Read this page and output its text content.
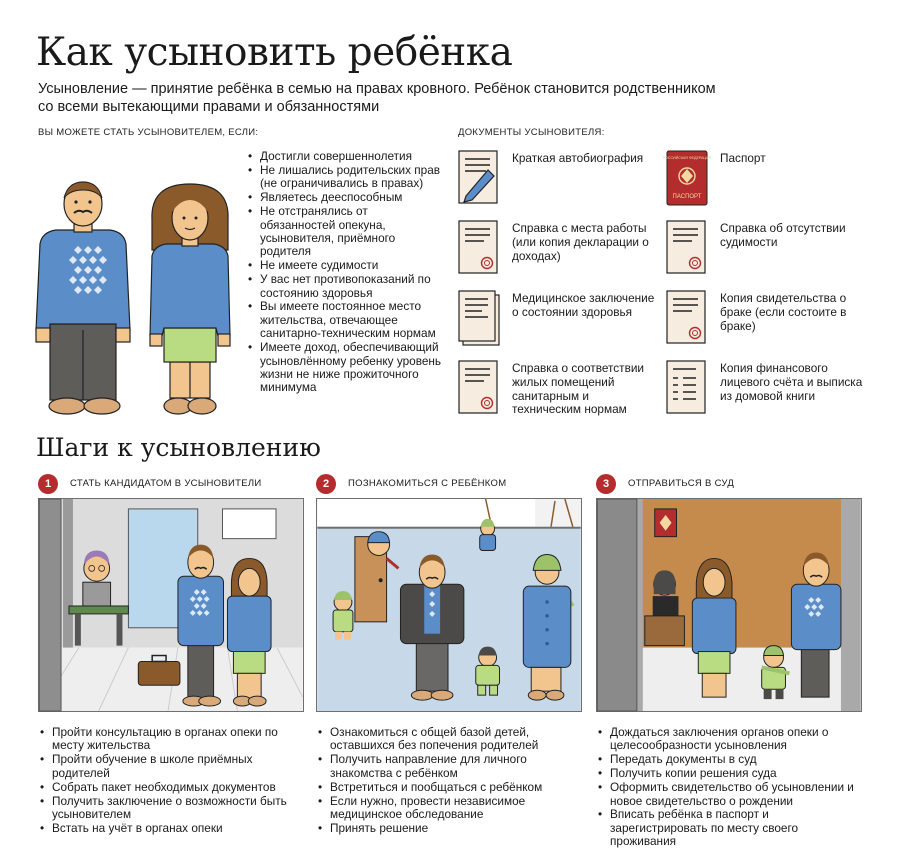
Как усыновить ребёнка

Усыновление — принятие ребёнка в семью на правах кровного. Ребёнок становится родственником со всеми вытекающими правами и обязанностями

ВЫ МОЖЕТЕ СТАТЬ УСЫНОВИТЕЛЕМ, ЕСЛИ:
• Достигли совершеннолетия
• Не лишались родительских прав (не ограничивались в правах)
• Являетесь дееспособным
• Не отстранялись от обязанностей опекуна, усыновителя, приёмного родителя
• Не имеете судимости
• У вас нет противопоказаний по состоянию здоровья
• Вы имеете постоянное место жительства, отвечающее санитарно-техническим нормам
• Имеете доход, обеспечивающий усыновлённому ребенку уровень жизни не ниже прожиточного минимума
ДОКУМЕНТЫ УСЫНОВИТЕЛЯ:
Краткая автобиография	РОССИЙСКАЯ ФЕДЕРАЦИЯ
ПАСПОРТ
Паспорт
Справка с места работы (или копия декларации о доходах)
Справка об отсутствии судимости
Медицинское заключение о состоянии здоровья
Копия свидетельства о браке (если состоите в браке)
Справка о соответствии жилых помещений санитарным и техническим нормам
Копия финансового лицевого счёта и выписка из домовой книги
Шаги к усыновлению
1	СТАТЬ КАНДИДАТОМ В УСЫНОВИТЕЛИ	2	ПОЗНАКОМИТЬСЯ С РЕБЁНКОМ	3	ОТПРАВИТЬСЯ В СУД
• Пройти консультацию в органах опеки по месту жительства
• Пройти обучение в школе приёмных родителей
• Собрать пакет необходимых документов
• Получить заключение о возможности быть усыновителем
• Встать на учёт в органах опеки
• Ознакомиться с общей базой детей, оставшихся без попечения родителей
• Получить направление для личного знакомства с ребёнком
• Встретиться и пообщаться с ребёнком
• Если нужно, провести независимое медицинское обследование
• Принять решение
• Дождаться заключения органов опеки о целесообразности усыновления
• Передать документы в суд
• Получить копии решения суда
• Оформить свидетельство об усыновлении и новое свидетельство о рождении
• Вписать ребёнка в паспорт и зарегистрировать по месту своего проживания
